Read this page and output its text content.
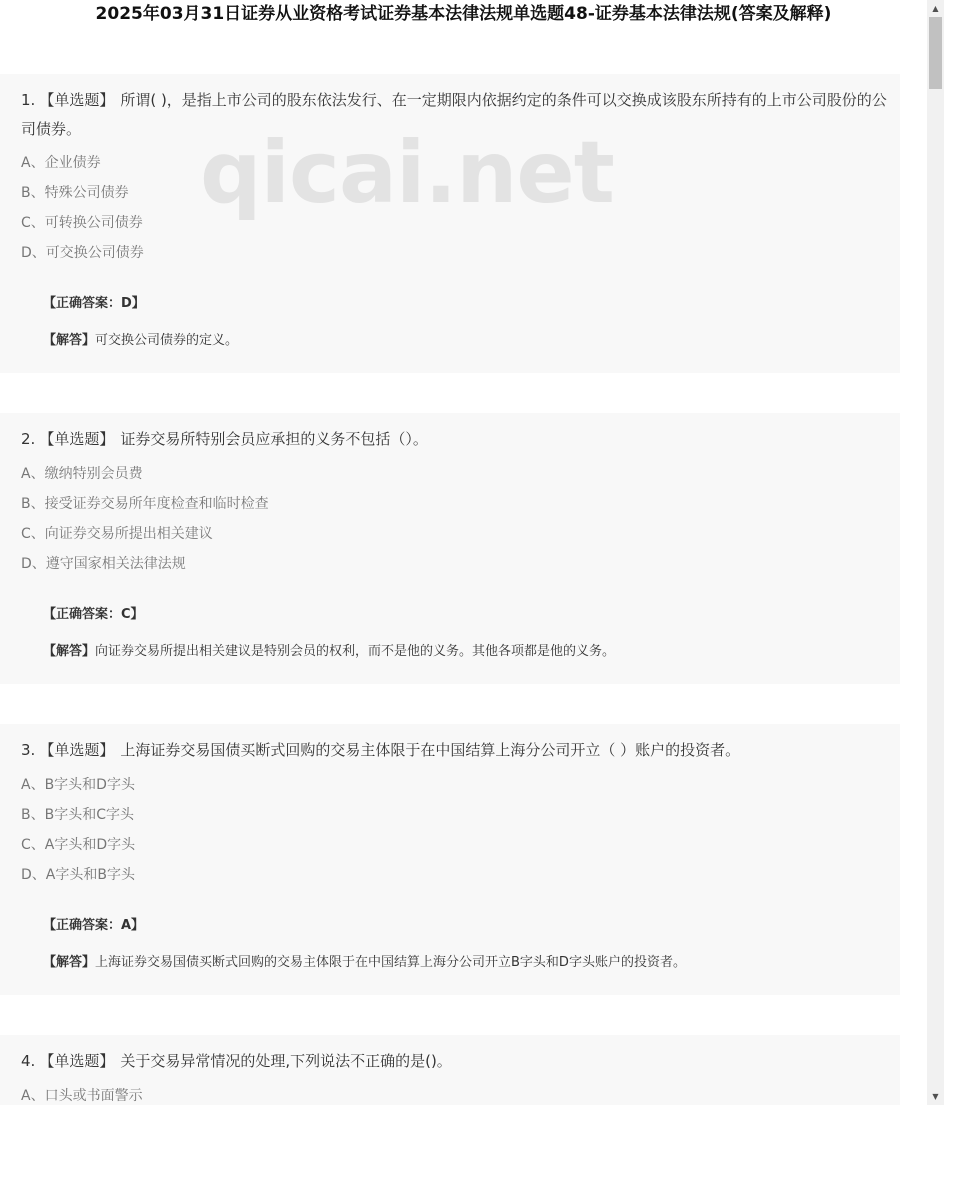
2025年03月31日证券从业资格考试证券基本法律法规单选题48-证券基本法律法规(答案及解释)
1. 【单选题】 所谓( )，是指上市公司的股东依法发行、在一定期限内依据约定的条件可以交换成该股东所持有的上市公司股份的公司债券。
A、企业债券
B、特殊公司债券
C、可转换公司债券
D、可交换公司债券
【正确答案：D】
【解答】可交换公司债券的定义。
qicai.net
2. 【单选题】 证券交易所特别会员应承担的义务不包括（）。
A、缴纳特别会员费
B、接受证券交易所年度检查和临时检查
C、向证券交易所提出相关建议
D、遵守国家相关法律法规
【正确答案：C】
【解答】向证券交易所提出相关建议是特别会员的权利，而不是他的义务。其他各项都是他的义务。
3. 【单选题】 上海证券交易国债买断式回购的交易主体限于在中国结算上海分公司开立（ ）账户的投资者。
A、B字头和D字头
B、B字头和C字头
C、A字头和D字头
D、A字头和B字头
【正确答案：A】
【解答】上海证券交易国债买断式回购的交易主体限于在中国结算上海分公司开立B字头和D字头账户的投资者。
4. 【单选题】 关于交易异常情况的处理,下列说法不正确的是()。
A、口头或书面警示
▲
▼
